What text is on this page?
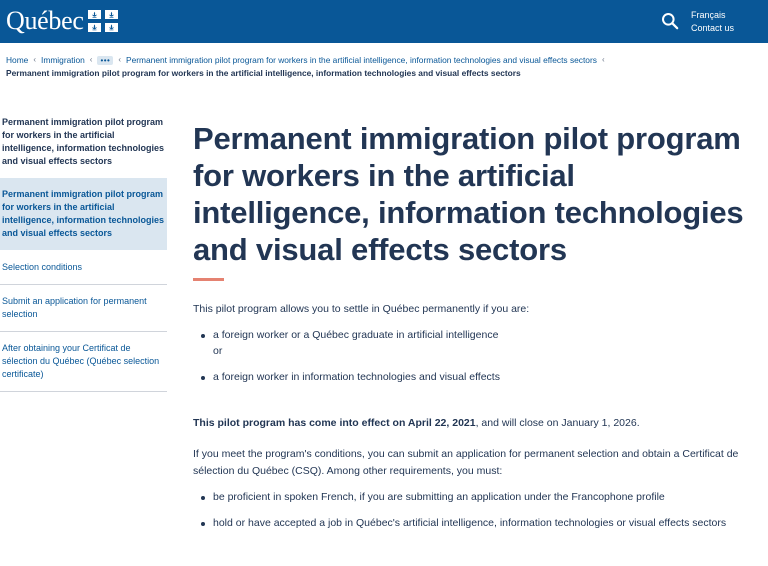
Québec	Français
Contact us
Home ‹ Immigration ‹	•••	‹ Permanent immigration pilot program for workers in the artificial intelligence, information technologies and visual effects sectors ‹
Permanent immigration pilot program for workers in the artificial intelligence, information technologies and visual effects sectors
Permanent immigration pilot program for workers in the artificial intelligence, information technologies and visual effects sectors
Permanent immigration pilot program for workers in the artificial intelligence, information technologies and visual effects sectors
Selection conditions
Submit an application for permanent selection
After obtaining your Certificat de sélection du Québec (Québec selection certificate)
Permanent immigration pilot program for workers in the artificial intelligence, information technologies and visual effects sectors

This pilot program allows you to settle in Québec permanently if you are:

a foreign worker or a Québec graduate in artificial intelligence
or
a foreign worker in information technologies and visual effects

This pilot program has come into effect on April 22, 2021, and will close on January 1, 2026.

If you meet the program's conditions, you can submit an application for permanent selection and obtain a Certificat de sélection du Québec (CSQ). Among other requirements, you must:

be proficient in spoken French, if you are submitting an application under the Francophone profile
hold or have accepted a job in Québec's artificial intelligence, information technologies or visual effects sectors
